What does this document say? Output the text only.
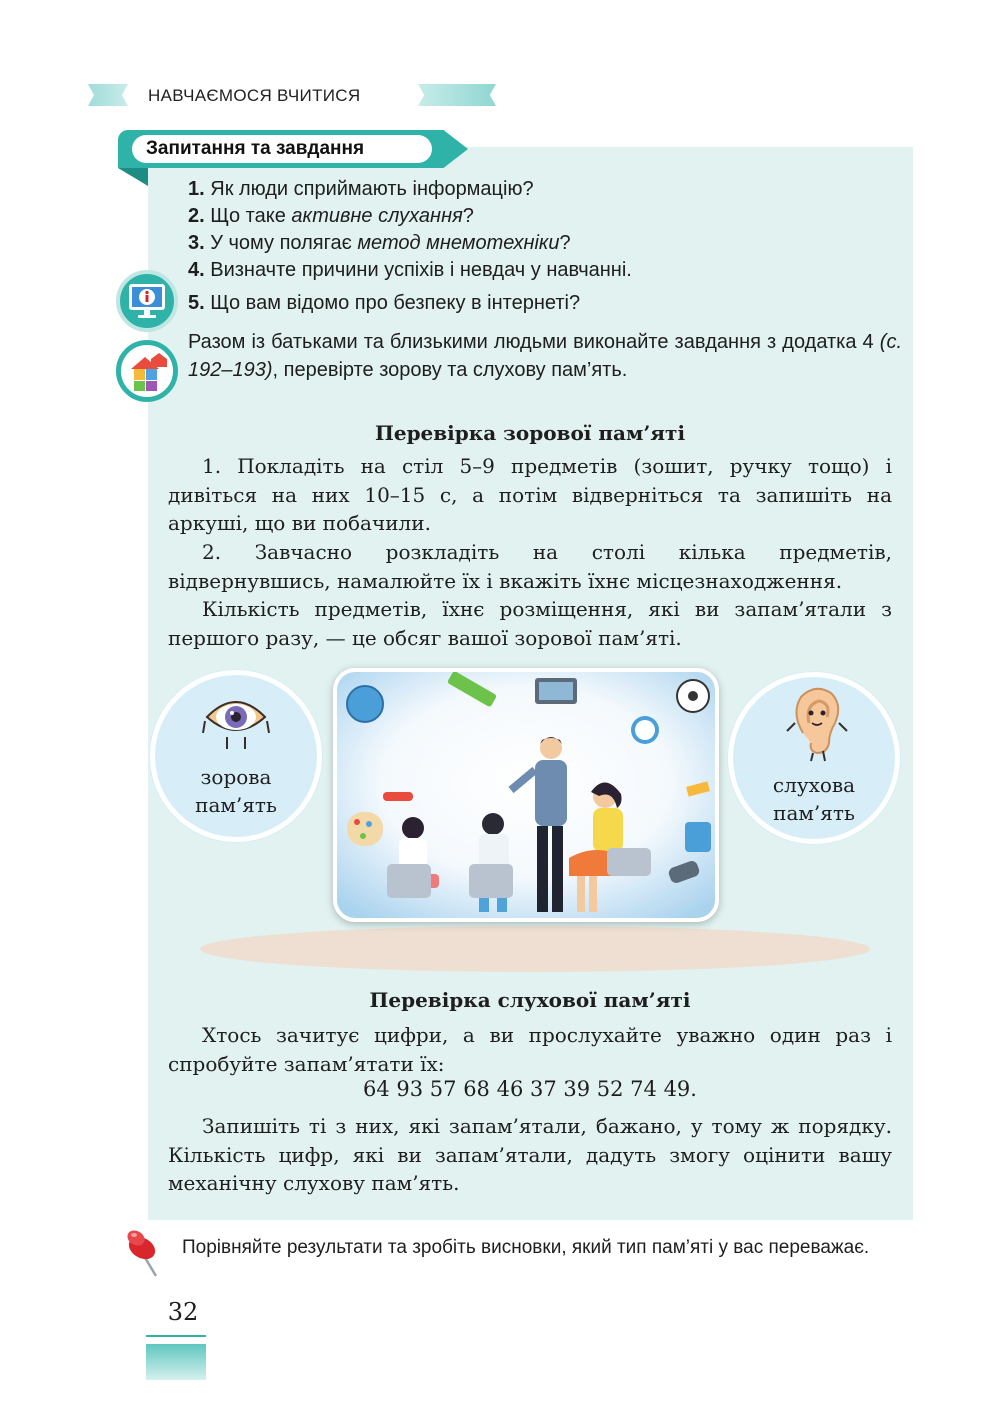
НАВЧАЄМОСЯ ВЧИТИСЯ
Запитання та завдання
1. Як люди сприймають інформацію?
2. Що таке активне слухання?
3. У чому полягає метод мнемотехніки?
4. Визначте причини успіхів і невдач у навчанні.
5. Що вам відомо про безпеку в інтернеті?
Разом із батьками та близькими людьми виконайте завдання з додатка 4 (с. 192–193), перевірте зорову та слухову пам’ять.
Перевірка зорової пам’яті
1. Покладіть на стіл 5–9 предметів (зошит, ручку тощо) і дивіться на них 10–15 с, а потім відверніться та запишіть на аркуші, що ви побачили.
2. Завчасно розкладіть на столі кілька предметів, відвернувшись, намалюйте їх і вкажіть їхнє місцезнаходження.
Кількість предметів, їхнє розміщення, які ви запам’ятали з першого разу, — це обсяг вашої зорової пам’яті.
зорова
пам’ять
слухова
пам’ять
Перевірка слухової пам’яті
Хтось зачитує цифри, а ви прослухайте уважно один раз і спробуйте запам’ятати їх:
64 93 57 68 46 37 39 52 74 49.
Запишіть ті з них, які запам’ятали, бажано, у тому ж порядку. Кількість цифр, які ви запам’ятали, дадуть змогу оцінити вашу механічну слухову пам’ять.
Порівняйте результати та зробіть висновки, який тип пам’яті у вас переважає.
32
